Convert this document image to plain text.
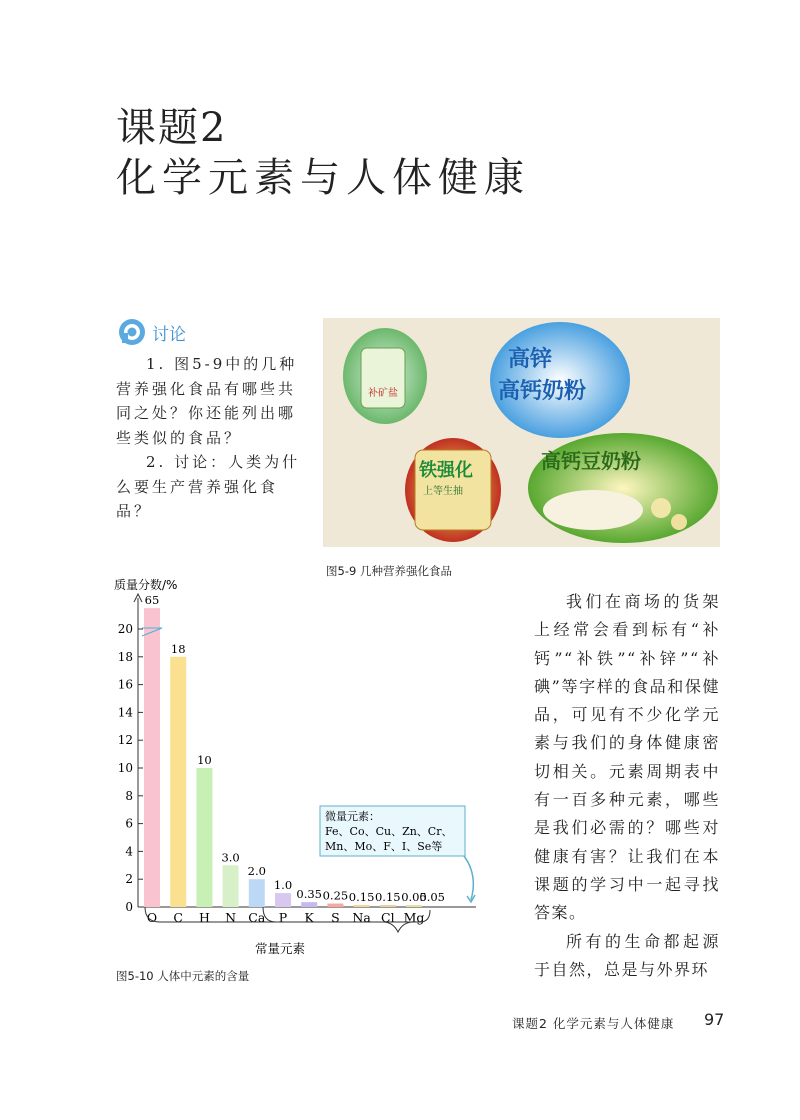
课题2
化学元素与人体健康
讨论

1. 图5-9中的几种营养强化食品有哪些共同之处？你还能列出哪些类似的食品？

2. 讨论：人类为什么要生产营养强化食品？

补矿盐
高锌
高钙奶粉
铁强化
上等生抽
高钙豆奶粉
图5-9 几种营养强化食品
质量分数/%
0
2
4
6
8
10
12
14
16
18
20
65
O
18
C
10
H
3.0
N
2.0
Ca
1.0
P
0.35
K
0.25
S
0.15
Na
0.15
Cl
0.05
Mg
0.05
常量元素
微量元素：
Fe、Co、Cu、Zn、Cr、
Mn、Mo、F、I、Se等
图5-10 人体中元素的含量

我们在商场的货架上经常会看到标有“补钙”“补铁”“补锌”“补碘”等字样的食品和保健品，可见有不少化学元素与我们的身体健康密切相关。元素周期表中有一百多种元素，哪些是我们必需的？哪些对健康有害？让我们在本课题的学习中一起寻找答案。

所有的生命都起源于自然，总是与外界环

课题2 化学元素与人体健康 97
